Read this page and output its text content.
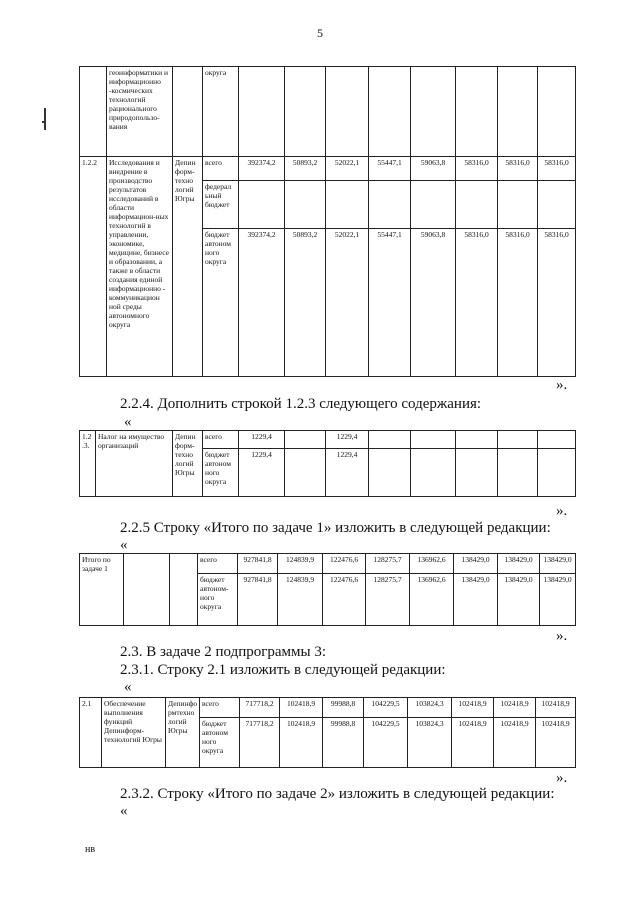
5
	геоинформатики и информационно -космических технологий рационального природопользо-вания		округа								
1.2.2	Исследования и внедрение в производство результатов исследований в области информацион-ных технологий в управлении, экономике, медицине, бизнесе и образовании, а также в области создания единой информационно - коммуникацион ной среды автономного округа	Депин форм-техно логий Югры	всего	392374,2	50893,2	52022,1	55447,1	59063,8	58316,0	58316,0	58316,0
			федерал ьный бюджет								
			бюджет автоном ного округа	392374,2	50893,2	52022,1	55447,1	59063,8	58316,0	58316,0	58316,0
».
2.2.4. Дополнить строкой 1.2.3 следующего содержания:
«
1.2 .3.	Налог на имущество организаций	Депин форм-техно логий Югры	всего	1229,4		1229,4					
			бюджет автоном ного округа	1229,4		1229,4					
».
2.2.5 Строку «Итого по задаче 1» изложить в следующей редакции:
«
Итого по задаче 1			всего	927841,8	124839,9	122476,6	128275,7	136962,6	138429,0	138429,0	138429,0
			бюджет автоном-ного округа	927841,8	124839,9	122476,6	128275,7	136962,6	138429,0	138429,0	138429,0
».
2.3. В задаче 2 подпрограммы 3:
2.3.1. Строку 2.1 изложить в следующей редакции:
«
2.1	Обеспечение выполнения функций Депинформ-технологий Югры	Депинфо рмтехно логий Югры	всего	717718,2	102418,9	99988,8	104229,5	103824,3	102418,9	102418,9	102418,9
			бюджет автоном ного округа	717718,2	102418,9	99988,8	104229,5	103824,3	102418,9	102418,9	102418,9
».
2.3.2. Строку «Итого по задаче 2» изложить в следующей редакции:
«
нв
